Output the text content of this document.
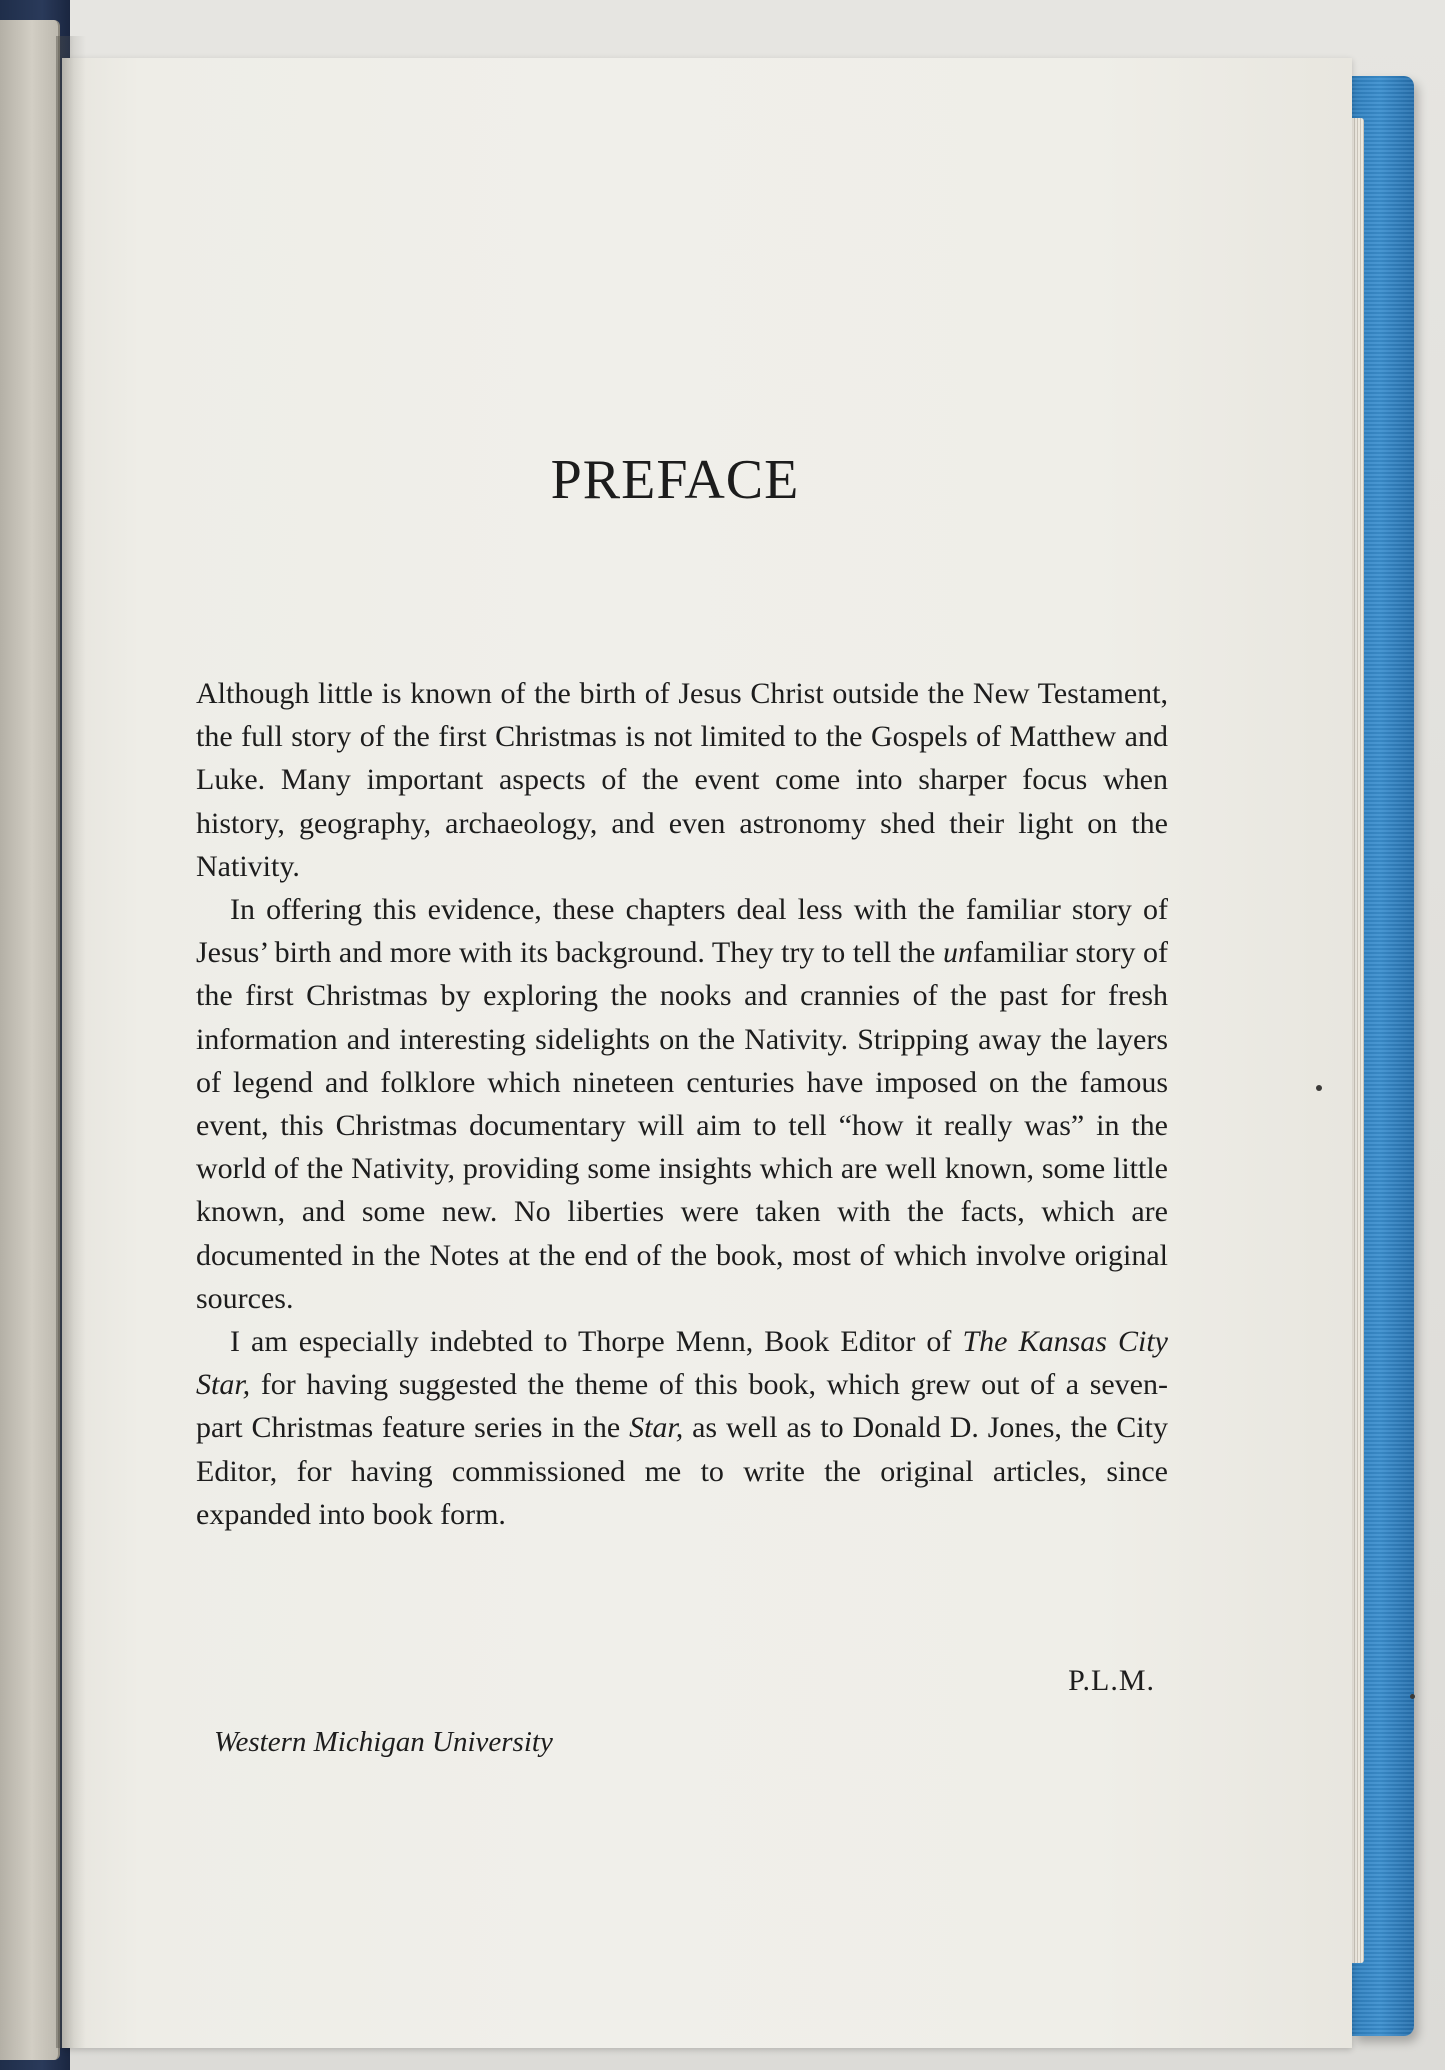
PREFACE

Although little is known of the birth of Jesus Christ outside the New Testament, the full story of the first Christmas is not limited to the Gospels of Matthew and Luke. Many important aspects of the event come into sharper focus when history, geography, archaeology, and even astronomy shed their light on the Nativity.

In offering this evidence, these chapters deal less with the familiar story of Jesus’ birth and more with its background. They try to tell the unfamiliar story of the first Christmas by exploring the nooks and crannies of the past for fresh information and interesting sidelights on the Nativity. Stripping away the layers of legend and folklore which nineteen centuries have imposed on the famous event, this Christmas documentary will aim to tell “how it really was” in the world of the Nativity, providing some insights which are well known, some little known, and some new. No liberties were taken with the facts, which are documented in the Notes at the end of the book, most of which involve original sources.

I am especially indebted to Thorpe Menn, Book Editor of The Kansas City Star, for having suggested the theme of this book, which grew out of a seven-part Christmas feature series in the Star, as well as to Donald D. Jones, the City Editor, for having commissioned me to write the original articles, since expanded into book form.

P.L.M.
Western Michigan University
